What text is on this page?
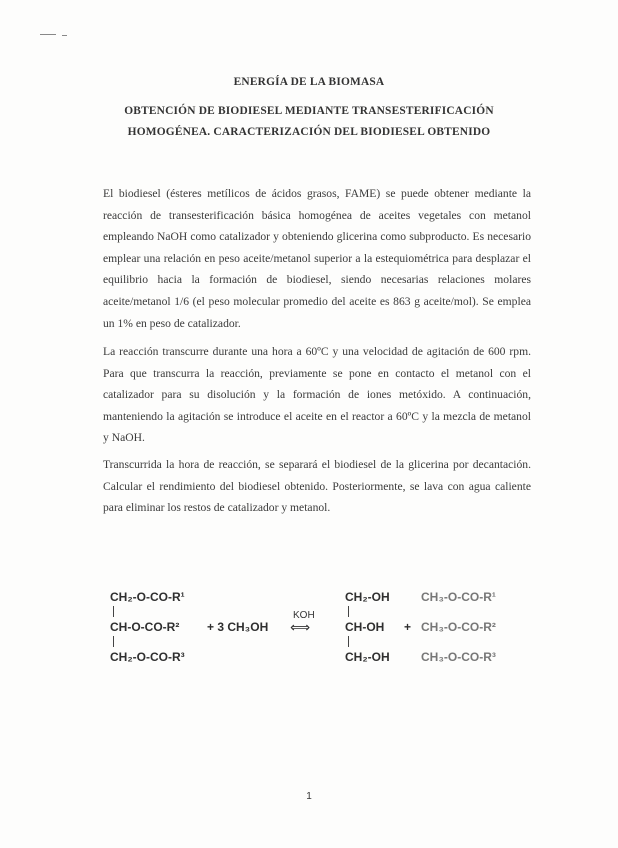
ENERGÍA DE LA BIOMASA
OBTENCIÓN DE BIODIESEL MEDIANTE TRANSESTERIFICACIÓN
HOMOGÉNEA. CARACTERIZACIÓN DEL BIODIESEL OBTENIDO
El biodiesel (ésteres metílicos de ácidos grasos, FAME) se puede obtener mediante la reacción de transesterificación básica homogénea de aceites vegetales con metanol empleando NaOH como catalizador y obteniendo glicerina como subproducto. Es necesario emplear una relación en peso aceite/metanol superior a la estequiométrica para desplazar el equilibrio hacia la formación de biodiesel, siendo necesarias relaciones molares aceite/metanol 1/6 (el peso molecular promedio del aceite es 863 g aceite/mol). Se emplea un 1% en peso de catalizador.
La reacción transcurre durante una hora a 60ºC y una velocidad de agitación de 600 rpm. Para que transcurra la reacción, previamente se pone en contacto el metanol con el catalizador para su disolución y la formación de iones metóxido. A continuación, manteniendo la agitación se introduce el aceite en el reactor a 60ºC y la mezcla de metanol y NaOH.
Transcurrida la hora de reacción, se separará el biodiesel de la glicerina por decantación. Calcular el rendimiento del biodiesel obtenido. Posteriormente, se lava con agua caliente para eliminar los restos de catalizador y metanol.
CH₂-O-CO-R¹
CH-O-CO-R²
CH₂-O-CO-R³
+ 3 CH₃OH
KOH
⟺
CH₂-OH
CH-OH
CH₂-OH
+
CH₃-O-CO-R¹
CH₃-O-CO-R²
CH₃-O-CO-R³
1
